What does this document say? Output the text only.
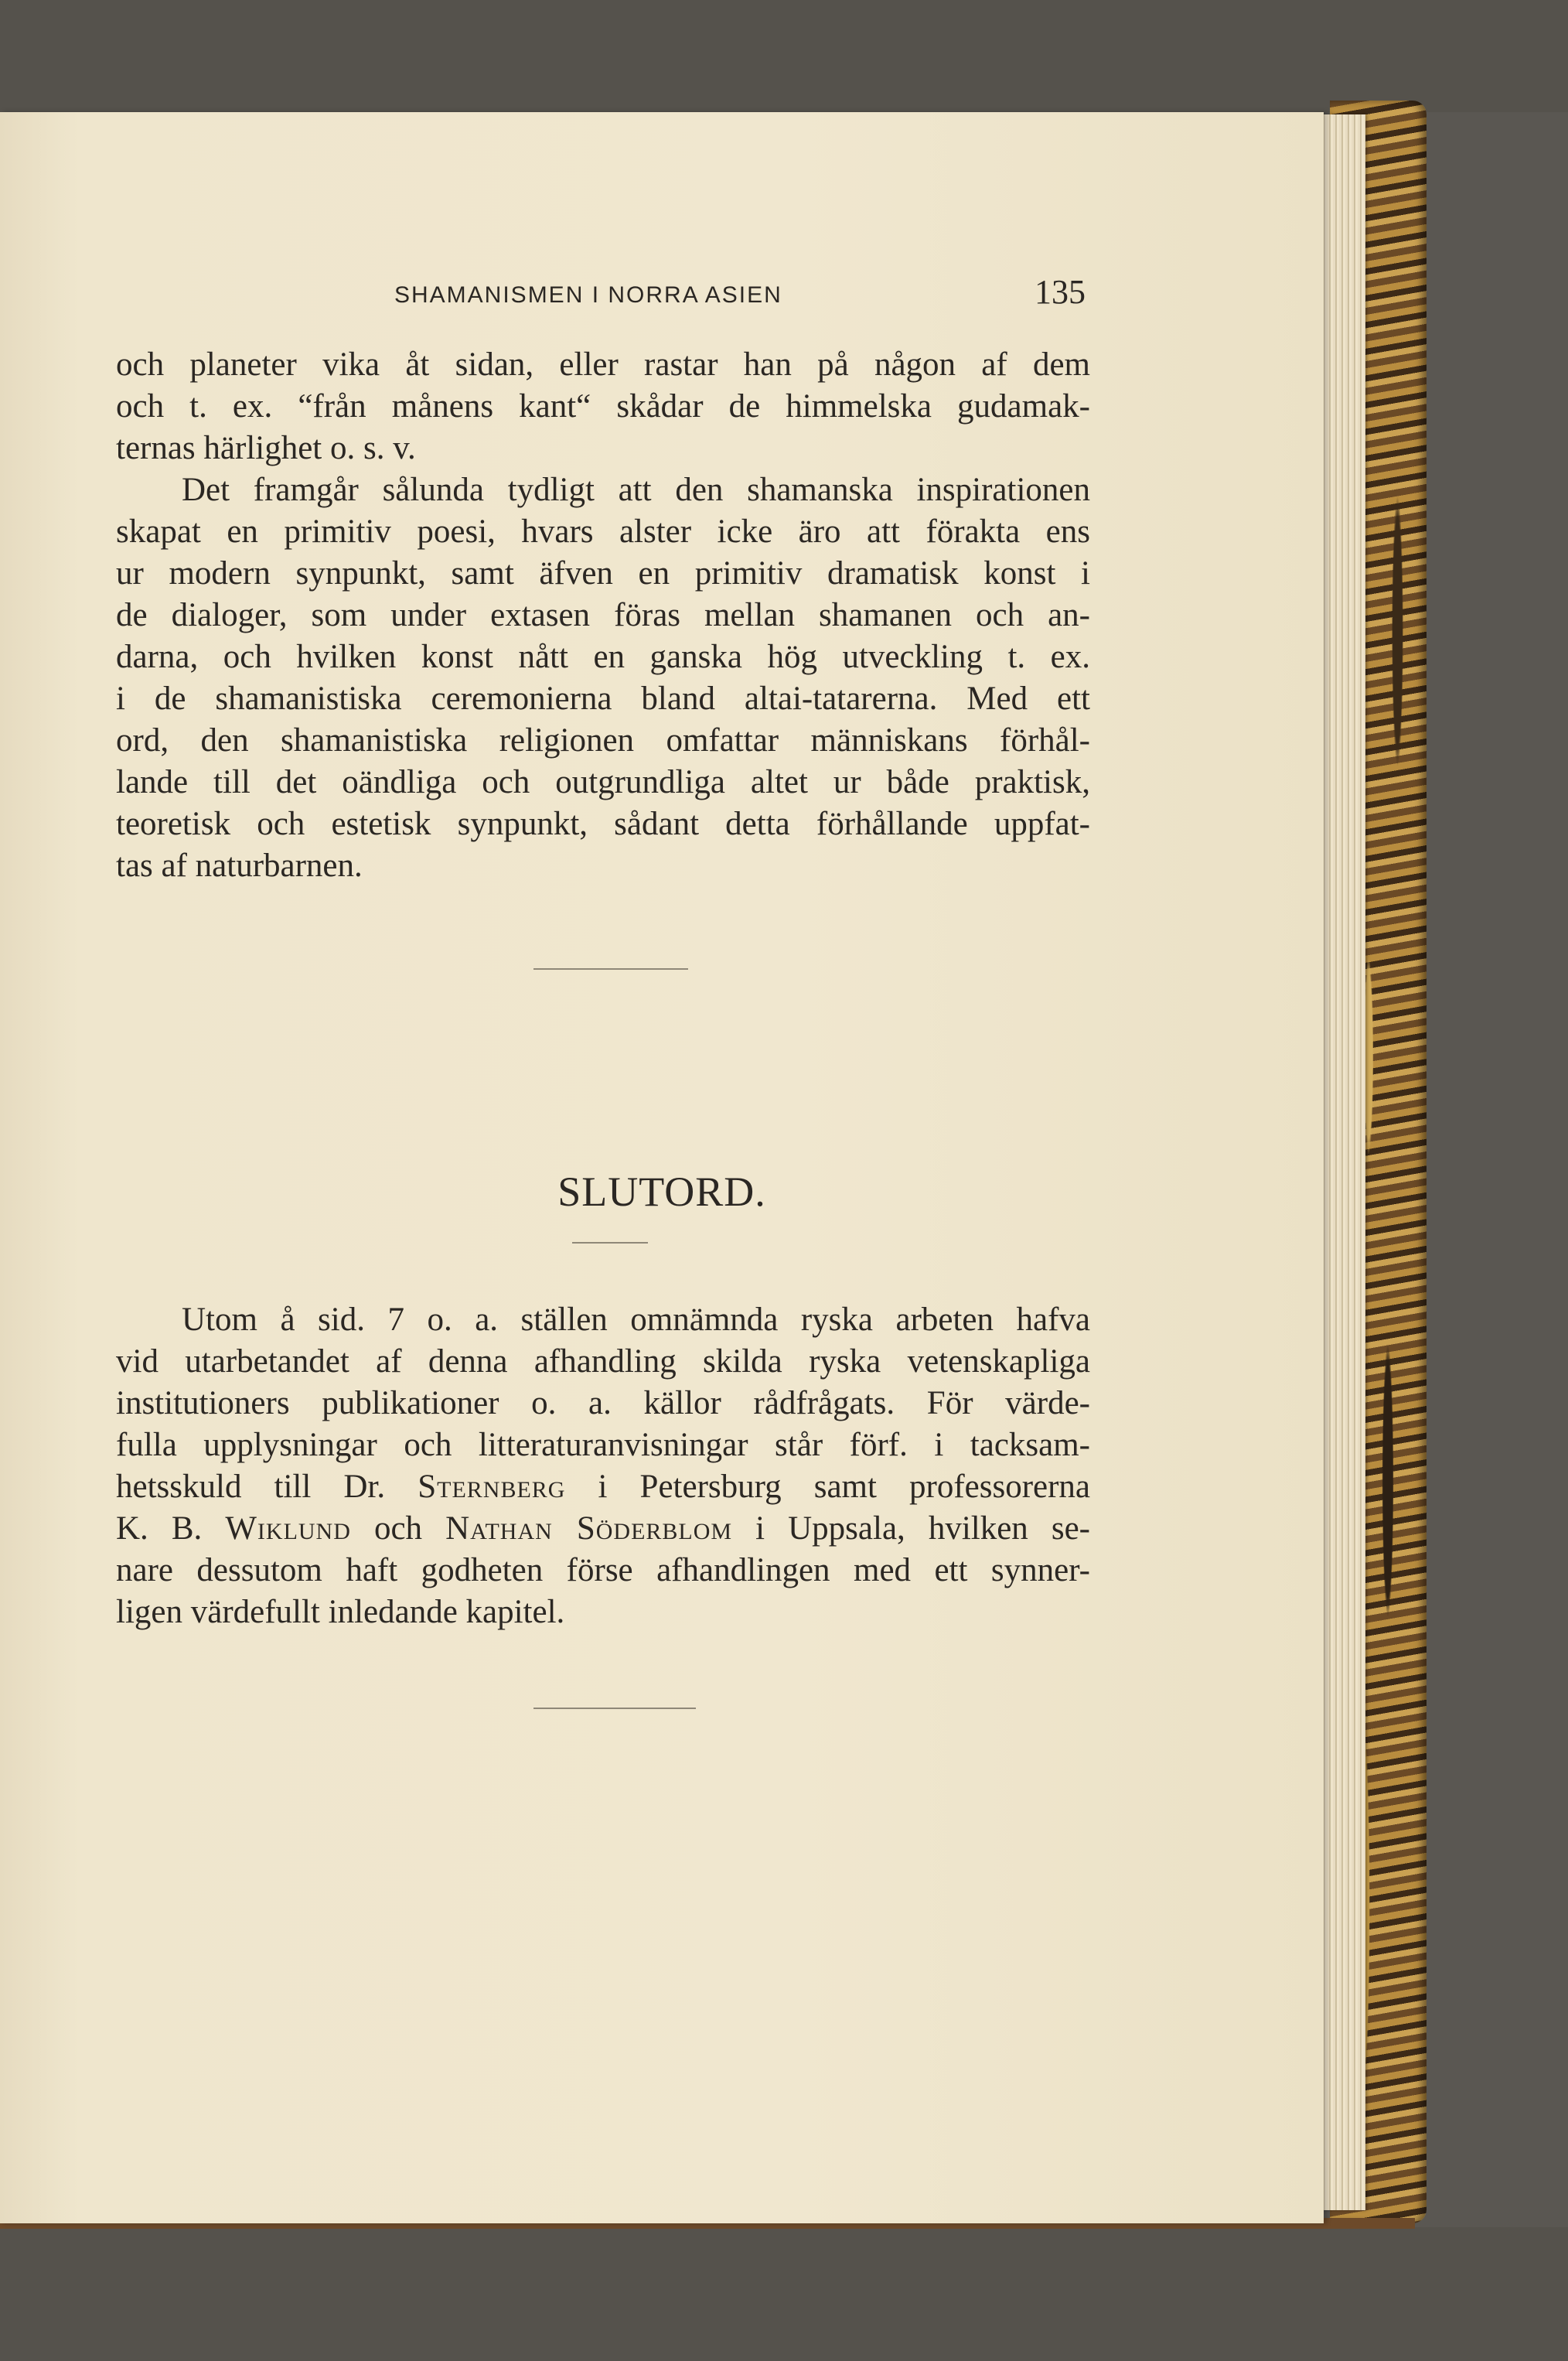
SHAMANISMEN I NORRA ASIEN	135
och planeter vika åt sidan, eller rastar han på någon af dem
och t. ex. “från månens kant“ skådar de himmelska gudamak-
ternas härlighet o. s. v.
Det framgår sålunda tydligt att den shamanska inspirationen
skapat en primitiv poesi, hvars alster icke äro att förakta ens
ur modern synpunkt, samt äfven en primitiv dramatisk konst i
de dialoger, som under extasen föras mellan shamanen och an-
darna, och hvilken konst nått en ganska hög utveckling t. ex.
i de shamanistiska ceremonierna bland altai-tatarerna. Med ett
ord, den shamanistiska religionen omfattar människans förhål-
lande till det oändliga och outgrundliga altet ur både praktisk,
teoretisk och estetisk synpunkt, sådant detta förhållande uppfat-
tas af naturbarnen.
SLUTORD.
Utom å sid. 7 o. a. ställen omnämnda ryska arbeten hafva
vid utarbetandet af denna afhandling skilda ryska vetenskapliga
institutioners publikationer o. a. källor rådfrågats. För värde-
fulla upplysningar och litteraturanvisningar står förf. i tacksam-
hetsskuld till Dr. Sternberg i Petersburg samt professorerna
K. B. Wiklund och Nathan Söderblom i Uppsala, hvilken se-
nare dessutom haft godheten förse afhandlingen med ett synner-
ligen värdefullt inledande kapitel.
